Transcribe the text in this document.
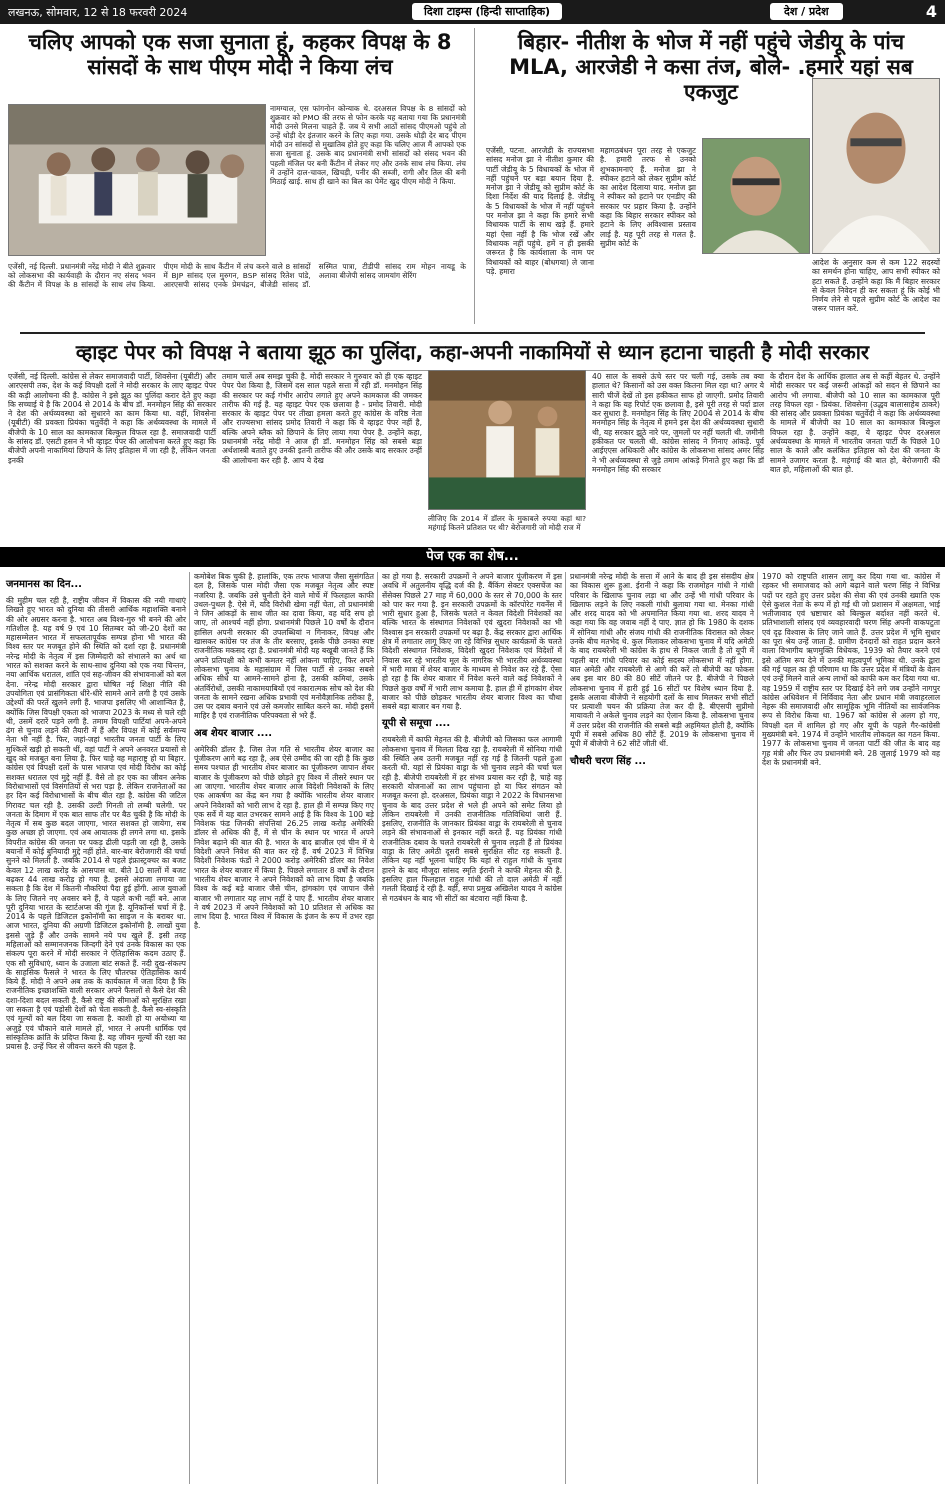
लखनऊ, सोमवार, 12 से 18 फरवरी 2024	दिशा टाइम्स (हिन्दी साप्ताहिक)	देश / प्रदेश	4
चलिए आपको एक सजा सुनाता हूं, कहकर विपक्ष के 8 सांसदों के साथ पीएम मोदी ने किया लंच
नामग्याल, एस फांगनोन कोन्याक थे. दरअसल विपक्ष के 8 सांसदों को शुक्रवार को PMO की तरफ से फोन करके यह बताया गया कि प्रधानमंत्री मोदी उनसे मिलना चाहते हैं. जब ये सभी आठों सांसद पीएमओ पहुंचे तो उन्हें थोड़ी देर इंतजार करने के लिए कहा गया. उसके थोड़ी देर बाद पीएम मोदी उन सांसदों से मुखातिब होते हुए कहा कि चलिए आज मैं आपको एक सजा सुनाता हूं. उसके बाद प्रधानमंत्री सभी सांसदों को संसद भवन की पहली मंजिल पर बनी कैंटीन में लेकर गए और उनके साथ लंच किया. लंच में उन्होंने दाल-चावल, खिचड़ी, पनीर की सब्जी, रागी और तिल की बनी मिठाई खाई. साथ ही खाने का बिल का पेमेंट खुद पीएम मोदी ने किया.
एजेंसी, नई दिल्ली. प्रधानमंत्री नरेंद्र मोदी ने बीते शुक्रवार को लोकसभा की कार्यवाही के दौरान नए संसद भवन की कैंटीन में विपक्ष के 8 सांसदों के साथ लंच किया. पीएम मोदी के साथ कैंटीन में लंच करने वाले 8 सांसदों में BJP सांसद एल मुरुगन, BSP सांसद रितेश पांडे, आरएसपी सांसद एनके प्रेमचंद्रन, बीजेडी सांसद डॉ. सस्मित पात्रा, टीडीपी सांसद राम मोहन नायडू के अलावा बीजेपी सांसद जामयांग सेरिंग
बिहार- नीतीश के भोज में नहीं पहुंचे जेडीयू के पांच MLA, आरजेडी ने कसा तंज, बोले- .हमारे यहां सब एकजुट
एजेंसी, पटना. आरजेडी के राज्यसभा सांसद मनोज झा ने नीतीश कुमार की पार्टी जेडीयू के 5 विधायकों के भोज में नहीं पहुंचने पर बड़ा बयान दिया है. मनोज झा ने जेडीयू को सुप्रीम कोर्ट के दिशा निर्देश की याद दिलाई है. जेडीयू के 5 विधायकों के भोज में नहीं पहुंचने पर मनोज झा ने कहा कि हमारे सभी विधायक पार्टी के साथ खड़े हैं. हमारे यहां ऐसा नहीं है कि भोज रखें और विधायक नहीं पहुंचे. हमें न ही इसकी जरूरत है कि कार्यशाला के नाम पर विधायकों को बाहर (बोधगया) ले जाना पड़े. हमारा
महागठबंधन पूरा तरह से एकजुट है. हमारी तरफ से उनको शुभकामनाएं हैं. मनोज झा ने स्पीकर हटाने को लेकर सुप्रीम कोर्ट का आदेश दिलाया याद. मनोज झा ने स्पीकर को हटाने पर एनडीए की सरकार पर प्रहार किया है. उन्होंने कहा कि बिहार सरकार स्पीकर को हटाने के लिए अविश्वास प्रस्ताव लाई है. यह पूरी तरह से गलत है. सुप्रीम कोर्ट के
आदेश के अनुसार कम से कम 122 सदस्यों का समर्थन होना चाहिए, आप सभी स्पीकर को हटा सकते हैं. उन्होंने कहा कि मैं बिहार सरकार से केवल निवेदन ही कर सकता हूं कि कोई भी निर्णय लेने से पहले सुप्रीम कोर्ट के आदेश का जरूर पालन करें.
व्हाइट पेपर को विपक्ष ने बताया झूठ का पुलिंदा, कहा-अपनी नाकामियों से ध्यान हटाना चाहती है मोदी सरकार
एजेंसी, नई दिल्ली. कांग्रेस से लेकर समाजवादी पार्टी, शिवसेना (यूबीटी) और आरएसपी तक, देश के कई विपक्षी दलों ने मोदी सरकार के लाए व्हाइट पेपर की कड़ी आलोचना की है. कांग्रेस ने इसे झूठ का पुलिंदा करार देते हुए कहा कि सच्चाई ये है कि 2004 से 2014 के बीच डॉ. मनमोहन सिंह की सरकार ने देश की अर्थव्यवस्था को सुधारने का काम किया था. वहीं, शिवसेना (यूबीटी) की प्रवक्ता प्रियंका चतुर्वेदी ने कहा कि अर्थव्यवस्था के मामले में बीजेपी के 10 साल का कामकाज बिल्कुल विफल रहा है. समाजवादी पार्टी के सांसद डॉ. एसटी हसन ने भी व्हाइट पेपर की आलोचना करते हुए कहा कि बीजेपी अपनी नाकामियां छिपाने के लिए इतिहास में जा रही है, लेकिन जनता इनकी
तमाम चालें अब समझ चुकी है. मोदी सरकार ने गुरुवार को ही एक व्हाइट पेपर पेश किया है, जिसमें दस साल पहले सत्ता में रही डॉ. मनमोहन सिंह की सरकार पर कई गंभीर आरोप लगाते हुए अपने कामकाज की जमकर तारीफ की गई है. यह व्हाइट पेपर एक छलावा है - प्रमोद तिवारी. मोदी सरकार के व्हाइट पेपर पर तीखा हमला करते हुए कांग्रेस के वरिष्ठ नेता और राज्यसभा सांसद प्रमोद तिवारी ने कहा कि ये व्हाइट पेपर नहीं है, बल्कि अपने ब्लैक को छिपाने के लिए लाया गया पेपर है. उन्होंने कहा, प्रधानमंत्री नरेंद्र मोदी ने आज ही डॉ. मनमोहन सिंह को सबसे बड़ा अर्थशास्त्री बताते हुए उनकी इतनी तारीफ की और उसके बाद सरकार उन्हीं की आलोचना कर रही है. आप ये देख
लीजिए कि 2014 में डॉलर के मुकाबले रुपया कहां था? महंगाई कितने प्रतिशत पर थी? बेरोजगारी जो मोदी राज में
40 साल के सबसे ऊंचे स्तर पर चली गई, उसके तब क्या हालात थे? किसानों को उस वक्त कितना मिल रहा था? अगर ये सारी चीजें देखें तो इस हकीकत साफ हो जाएगी. प्रमोद तिवारी ने कहा कि यह रिपोर्ट एक छलावा है, इसे पूरी तरह से पर्दा डाल कर सुधारा है. मनमोहन सिंह के लिए 2004 से 2014 के बीच मनमोहन सिंह के नेतृत्व में हमने इस देश की अर्थव्यवस्था सुधारी थी, यह सरकार झूठे नारे पर, जुमलों पर नहीं चलती थी. जमीनी हकीकत पर चलती थी. कांग्रेस सांसद ने गिनाए आंकड़े. पूर्व आईएएस अधिकारी और कांग्रेस के लोकसभा सांसद अमर सिंह ने भी अर्थव्यवस्था से जुड़े तमाम आंकड़े गिनाते हुए कहा कि डॉ मनमोहन सिंह की सरकार
के दौरान देश के आर्थिक हालात अब से कहीं बेहतर थे. उन्होंने मोदी सरकार पर कई जरूरी आंकड़ों को सदन से छिपाने का आरोप भी लगाया. बीजेपी को 10 साल का कामकाज पूरी तरह विफल रहा - प्रियंका. शिवसेना (उद्धव बालासाहेब ठाकरे) की सांसद और प्रवक्ता प्रियंका चतुर्वेदी ने कहा कि अर्थव्यवस्था के मामले में बीजेपी का 10 साल का कामकाज बिल्कुल विफल रहा है. उन्होंने कहा, ये व्हाइट पेपर दरअसल अर्थव्यवस्था के मामले में भारतीय जनता पार्टी के पिछले 10 साल के काले और कलंकित इतिहास को देश की जनता के सामने उजागर करता है. महंगाई की बात हो, बेरोजगारी की बात हो, महिलाओं की बात हो.
पेज एक का शेष...
जनमानस का दिन...

की मुहीम चल रही है, राष्ट्रीय जीवन में विकास की नयी गाथाएं लिखते हुए भारत को दुनिया की तीसरी आर्थिक महाशक्ति बनाने की ओर अग्रसर करना है. भारत अब विश्व-गुरु भी बनने की ओर गतिशील है. यह वर्ष 9 एवं 10 सितम्बर को जी-20 देशों का महासम्मेलन भारत में सफलतापूर्वक सम्पन्न होना भी भारत की विश्व स्तर पर मजबूत होने की स्थिति को दर्शा रहा है. प्रधानमंत्री नरेन्द्र मोदी के नेतृत्व में इस जिम्मेदारी को संभालने का अर्थ था भारत को सशक्त करने के साथ-साथ दुनिया को एक नया चिन्तन, नया आर्थिक धरातल, शांति एवं सह-जीवन की संभावनाओं को बल देना. नरेन्द्र मोदी सरकार द्वारा घोषित नई शिक्षा नीति की उपयोगिता एवं प्रासंगिकता धीरे-धीरे सामने आने लगी है एवं उसके उद्देश्यों की परतें खुलने लगी हैं. भाजपा इसलिए भी आशान्वित है, क्योंकि जिस विपक्षी एकता को भाजपा 2023 के मध्य से चले रही थी, उसमें दरारें पड़ने लगी है. तमाम विपक्षी पार्टियां अपने-अपने ढंग से चुनाव लड़ने की तैयारी में हैं और विपक्ष में कोई सर्वमान्य नेता भी नहीं है. फिर, जहां-जहां भारतीय जनता पार्टी के लिए मुश्किलें खड़ी हो सकती थीं, वहां पार्टी ने अपने अनवरत प्रयासों से खुद को मजबूत बना लिया है. फिर चाहे वह महाराष्ट्र हो या बिहार. कांग्रेस एवं विपक्षी दलों के पास भाजपा एवं मोदी विरोध का कोई सशक्त धरातल एवं मुद्दे नहीं हैं. वैसे तो हर एक का जीवन अनेक विरोधाभासों एवं विसंगतियों से भरा पड़ा है. लेकिन राजनेताओं का हर दिन कई विरोधाभासों के बीच बीत रहा है. कांग्रेस की जटिल गिरावट चल रही है. उसकी उल्टी गिनती तो लम्बी चलेगी. पर जनता के दिमाग में एक बात साफ तौर पर बैठ चुकी है कि मोदी के नेतृत्व में सब कुछ बदल जाएगा, भारत सशक्त हो जायेगा, सब कुछ अच्छा हो जाएगा. एवं अब आयातक ही लगने लगा था. इसके विपरीत कांग्रेस की जनता पर पकड़ ढीली पड़ती जा रही है, उसके बयानों में कोई बुनियादी मुद्दे नहीं होते. बार-बार बेरोजगारी की चर्चा सुनने को मिलती है. जबकि 2014 से पहले इंफ्रास्ट्रक्चर का बजट केवल 12 लाख करोड़ के आसपास था. बीते 10 सालों में बजट बढ़कर 44 लाख करोड़ हो गया है. इससे अंदाजा लगाया जा सकता है कि देश में कितनी नौकरियां पैदा हुई होंगी. आज युवाओं के लिए जितने नए अवसर बने हैं, वे पहले कभी नहीं बने. आज पूरी दुनिया भारत के स्टार्टअप्स की गूंज है. यूनिकॉर्न्स चर्चा में है. 2014 के पहले डिजिटल इकोनॉमी का साइज न के बराबर था. आज भारत, दुनिया की अग्रणी डिजिटल इकोनॉमी है. लाखों युवा इससे जुड़े हैं और उनके सामने नये पथ खुले हैं. इसी तरह महिलाओं को सम्मानजनक जिन्दगी देने एवं उनके विकास का एक संकल्प पूरा करने में मोदी सरकार ने ऐतिहासिक कदम उठाए हैं. एक सौ सुविधाएं, ध्यान के उजाला बांट सकते हैं. नदी दुख-संकल्प के साहसिक फैसले ने भारत के लिए चौतरफा ऐतिहासिक कार्य किये हैं. मोदी ने अपने अब तक के कार्यकाल में जता दिया है कि राजनीतिक इच्छाशक्ति वाली सरकार अपने फैसलों से कैसे देश की दशा-दिशा बदल सकती है. कैसे राष्ट्र की सीमाओं को सुरक्षित रखा जा सकता है एवं पड़ोसी देशों को चेता सकती है. कैसे स्व-संस्कृति एवं मूल्यों को बल दिया जा सकता है. काशी हो या अयोध्या या अजुड़े एवं चौकाने वाले मामले हों, भारत ने अपनी धार्मिक एवं सांस्कृतिक क्रांति के प्रदिप्त किया है. यह जीवन मूल्यों की रक्षा का प्रयास है. उन्हें फिर से जीवन्त करने की पहल है.

कमोबेश बिक चुकी है. हालांकि, एक तरफ भाजपा जैसा सुसंगठित दल है, जिसके पास मोदी जैसा एक मजबूत नेतृत्व और स्पष्ट नजरिया है. जबकि उसे चुनौती देने वाले मोर्चे में फिलहाल काफी उथल-पुथल है. ऐसे में, यदि विरोधी खेमा नहीं चेता, तो प्रधानमंत्री ने जिन आंकड़ों के साथ जीत का दावा किया, वह यदि सच हो जाए, तो आश्चर्य नहीं होगा. प्रधानमंत्री पिछले 10 वर्षों के दौरान हासिल अपनी सरकार की उपलब्धियां न गिनाकर, विपक्ष और खासकर कांग्रेस पर तंज के तीर बरसाए, इसके पीछे उनका स्पष्ट राजनीतिक मकसद रहा है. प्रधानमंत्री मोदी यह बखूबी जानते हैं कि अपने प्रतिपक्षी को कभी कमतर नहीं आंकना चाहिए, फिर अपने लोकसभा चुनाव के महासंग्राम में जिस पार्टी से उनका सबसे अधिक सीधे या आमने-सामने होना है, उसकी कमियां, उसके अंतर्विरोधों, उसकी नाकामयाबियों एवं नकारात्मक सोच को देश की जनता के सामने रखना अधिक प्रभावी एवं मनोवैज्ञानिक तरीका है, उस पर दबाव बनाने एवं उसे कमजोर साबित करने का. मोदी इसमें माहिर है एवं राजनीतिक परिपक्वता से भरे हैं.

अब शेयर बाजार ....

अमेरिकी डॉलर है. जिस तेज गति से भारतीय शेयर बाजार का पूंजीकरण आगे बढ़ रहा है, अब ऐसे उम्मीद की जा रही है कि कुछ समय पश्चात ही भारतीय शेयर बाजार का पूंजीकरण जापान शेयर बाजार के पूंजीकरण को पीछे छोड़ते हुए विश्व में तीसरे स्थान पर आ जाएगा. भारतीय शेयर बाजार आज विदेशी निवेशकों के लिए एक आकर्षण का केंद्र बन गया है क्योंकि भारतीय शेयर बाजार अपने निवेशकों को भारी लाभ दे रहा है. हाल ही में सम्पन्न किए गए एक सर्वे में यह बात उभरकर सामने आई है कि विश्व के 100 बड़े निवेशक फंड जिनकी संपत्तियां 26.25 लाख करोड़ अमेरिकी डॉलर से अधिक की हैं, में से चीन के स्थान पर भारत में अपने निवेश बढ़ाने की बात की है. भारत के बाद ब्राजील एवं चीन में ये विदेशी अपने निवेश की बात कर रहे हैं. वर्ष 2023 में विभिन्न विदेशी निवेशक फंडों ने 2000 करोड़ अमेरिकी डॉलर का निवेश भारत के शेयर बाजार में किया है. पिछले लगातार 8 वर्षों के दौरान भारतीय शेयर बाजार ने अपने निवेशकों को लाभ दिया है जबकि विश्व के कई बड़े बाजार जैसे चीन, हांगकांग एवं जापान जैसे बाजार भी लगातार यह लाभ नहीं दे पाए हैं. भारतीय शेयर बाजार ने वर्ष 2023 में अपने निवेशकों को 10 प्रतिशत से अधिक का लाभ दिया है. भारत विश्व में विकास के इंजन के रूप में उभर रहा है.

का हो गया है. सरकारी उपक्रमों ने अपने बाजार पूंजीकरण में इस अवधि में अतुलनीय वृद्धि दर्ज की है. बैंकिंग सेक्टर एक्सचेंज का सेंसेक्स पिछले 27 माह में 60,000 के स्तर से 70,000 के स्तर को पार कर गया है. इन सरकारी उपक्रमों के कॉरपोरेट गवर्नेंस में भारी सुधार हुआ है, जिसके चलते न केवल विदेशी निवेशकों का बल्कि भारत के संस्थागत निवेशकों एवं खुदरा निवेशकों का भी विश्वास इन सरकारी उपक्रमों पर बढ़ा है. केंद्र सरकार द्वारा आर्थिक क्षेत्र में लगातार लागू किए जा रहे विभिन्न सुधार कार्यक्रमों के चलते विदेशी संस्थागत निवेशक, विदेशी खुदरा निवेशक एवं विदेशों में निवास कर रहे भारतीय मूल के नागरिक भी भारतीय अर्थव्यवस्था में भारी मात्रा में शेयर बाजार के माध्यम से निवेश कर रहे हैं. ऐसा हो रहा है कि शेयर बाजार में निवेश करने वाले कई निवेशकों ने पिछले कुछ वर्षों में भारी लाभ कमाया है. हाल ही में हांगकांग शेयर बाजार को पीछे छोड़कर भारतीय शेयर बाजार विश्व का चौथा सबसे बड़ा बाजार बन गया है.

यूपी से समूचा ....

रायबरेली में काफी मेहनत की है. बीजेपी को जिसका फल आगामी लोकसभा चुनाव में मिलता दिख रहा है. रायबरेली में सोनिया गांधी की स्थिति अब उतनी मजबूत नहीं रह गई है जितनी पहले हुआ करती थी. यहां से प्रियंका वाड्रा के भी चुनाव लड़ने की चर्चा चल रही है. बीजेपी रायबरेली में हर संभव प्रयास कर रही है, चाहे वह सरकारी योजनाओं का लाभ पहुंचाना हो या फिर संगठन को मजबूत करना हो. दरअसल, प्रियंका वाड्रा ने 2022 के विधानसभा चुनाव के बाद उत्तर प्रदेश से भले ही अपने को समेट लिया हो लेकिन रायबरेली में उनकी राजनीतिक गतिविधियां जारी हैं. इसलिए, राजनीति के जानकार प्रियंका वाड्रा के रायबरेली से चुनाव लड़ने की संभावनाओं से इनकार नहीं करते हैं. यह प्रियंका गांधी राजनीतिक दबाव के चलते रायबरेली से चुनाव लड़ती हैं तो प्रियंका वाड्रा के लिए अमेठी दूसरी सबसे सुरक्षित सीट रह सकती है. लेकिन यह नहीं भूलना चाहिए कि यहां से राहुल गांधी के चुनाव हारने के बाद मौजूदा सांसद स्मृति ईरानी ने काफी मेहनत की है. इसलिए हाल फिलहाल राहुल गांधी की तो दाल अमेठी में नहीं गलती दिखाई दे रही है. वहीं, सपा प्रमुख अखिलेश यादव ने कांग्रेस से गठबंधन के बाद भी सीटों का बंटवारा नहीं किया है.

प्रधानमंत्री नरेन्द्र मोदी के सत्ता में आने के बाद ही इस संसदीय क्षेत्र का विकास शुरू हुआ. ईरानी ने कहा कि राजमोहन गांधी ने गांधी परिवार के खिलाफ चुनाव लड़ा था और उन्हें भी गांधी परिवार के खिलाफ लड़ने के लिए नकली गांधी बुलाया गया था. मेनका गांधी और शरद यादव को भी अपमानित किया गया था. शरद यादव ने कहा गया कि वह जवाब नहीं दे पाए. ज्ञात हो कि 1980 के दशक में सोनिया गांधी और संजय गांधी की राजनीतिक विरासत को लेकर उनके बीच मतभेद थे. कुल मिलाकर लोकसभा चुनाव में यदि अमेठी के बाद रायबरेली भी कांग्रेस के हाथ से निकल जाती है तो यूपी में पहली बार गांधी परिवार का कोई सदस्य लोकसभा में नहीं होगा. बात अमेठी और रायबरेली से आगे की करें तो बीजेपी का फोकस अब इस बार 80 की 80 सीटें जीतने पर है. बीजेपी ने पिछले लोकसभा चुनाव में हारी हुई 16 सीटों पर विशेष ध्यान दिया है. इसके अलावा बीजेपी ने सहयोगी दलों के साथ मिलकर सभी सीटों पर प्रत्याशी चयन की प्रक्रिया तेज कर दी है. बीएसपी सुप्रीमो मायावती ने अकेले चुनाव लड़ने का ऐलान किया है. लोकसभा चुनाव में उत्तर प्रदेश की राजनीति की सबसे बड़ी अहमियत होती है, क्योंकि यूपी में सबसे अधिक 80 सीटें हैं. 2019 के लोकसभा चुनाव में यूपी में बीजेपी ने 62 सीटें जीती थीं.

चौधरी चरण सिंह ...

1970 को राष्ट्रपति शासन लागू कर दिया गया था. कांग्रेस में रहकर भी समाजवाद को आगे बढ़ाने वाले चरण सिंह ने विभिन्न पदों पर रहते हुए उत्तर प्रदेश की सेवा की एवं उनकी ख्याति एक ऐसे कुशल नेता के रूप में हो गई थी जो प्रशासन में अक्षमता, भाई भतीजावाद एवं भ्रष्टाचार को बिल्कुल बर्दाश्त नहीं करते थे. प्रतिभाशाली सांसद एवं व्यवहारवादी चरण सिंह अपनी वाकपटुता एवं दृढ़ विश्वास के लिए जाने जाते हैं. उत्तर प्रदेश में भूमि सुधार का पूरा श्रेय उन्हें जाता है. ग्रामीण देनदारों को राहत प्रदान करने वाला विभागीय ऋणमुक्ति विधेयक, 1939 को तैयार करने एवं इसे अंतिम रूप देने में उनकी महत्वपूर्ण भूमिका थी. उनके द्वारा की गई पहल का ही परिणाम था कि उत्तर प्रदेश में मंत्रियों के वेतन एवं उन्हें मिलने वाले अन्य लाभों को काफी कम कर दिया गया था. वह 1959 में राष्ट्रीय स्तर पर दिखाई देने लगे जब उन्होंने नागपुर कांग्रेस अधिवेशन में निर्विवाद नेता और प्रधान मंत्री जवाहरलाल नेहरू की समाजवादी और सामूहिक भूमि नीतियों का सार्वजनिक रूप से विरोध किया था. 1967 को कांग्रेस से अलग हो गए, विपक्षी दल में शामिल हो गए और यूपी के पहले गैर-कांग्रेसी मुख्यमंत्री बने. 1974 में उन्होंने भारतीय लोकदल का गठन किया. 1977 के लोकसभा चुनाव में जनता पार्टी की जीत के बाद वह गृह मंत्री और फिर उप प्रधानमंत्री बने. 28 जुलाई 1979 को वह देश के प्रधानमंत्री बने.
